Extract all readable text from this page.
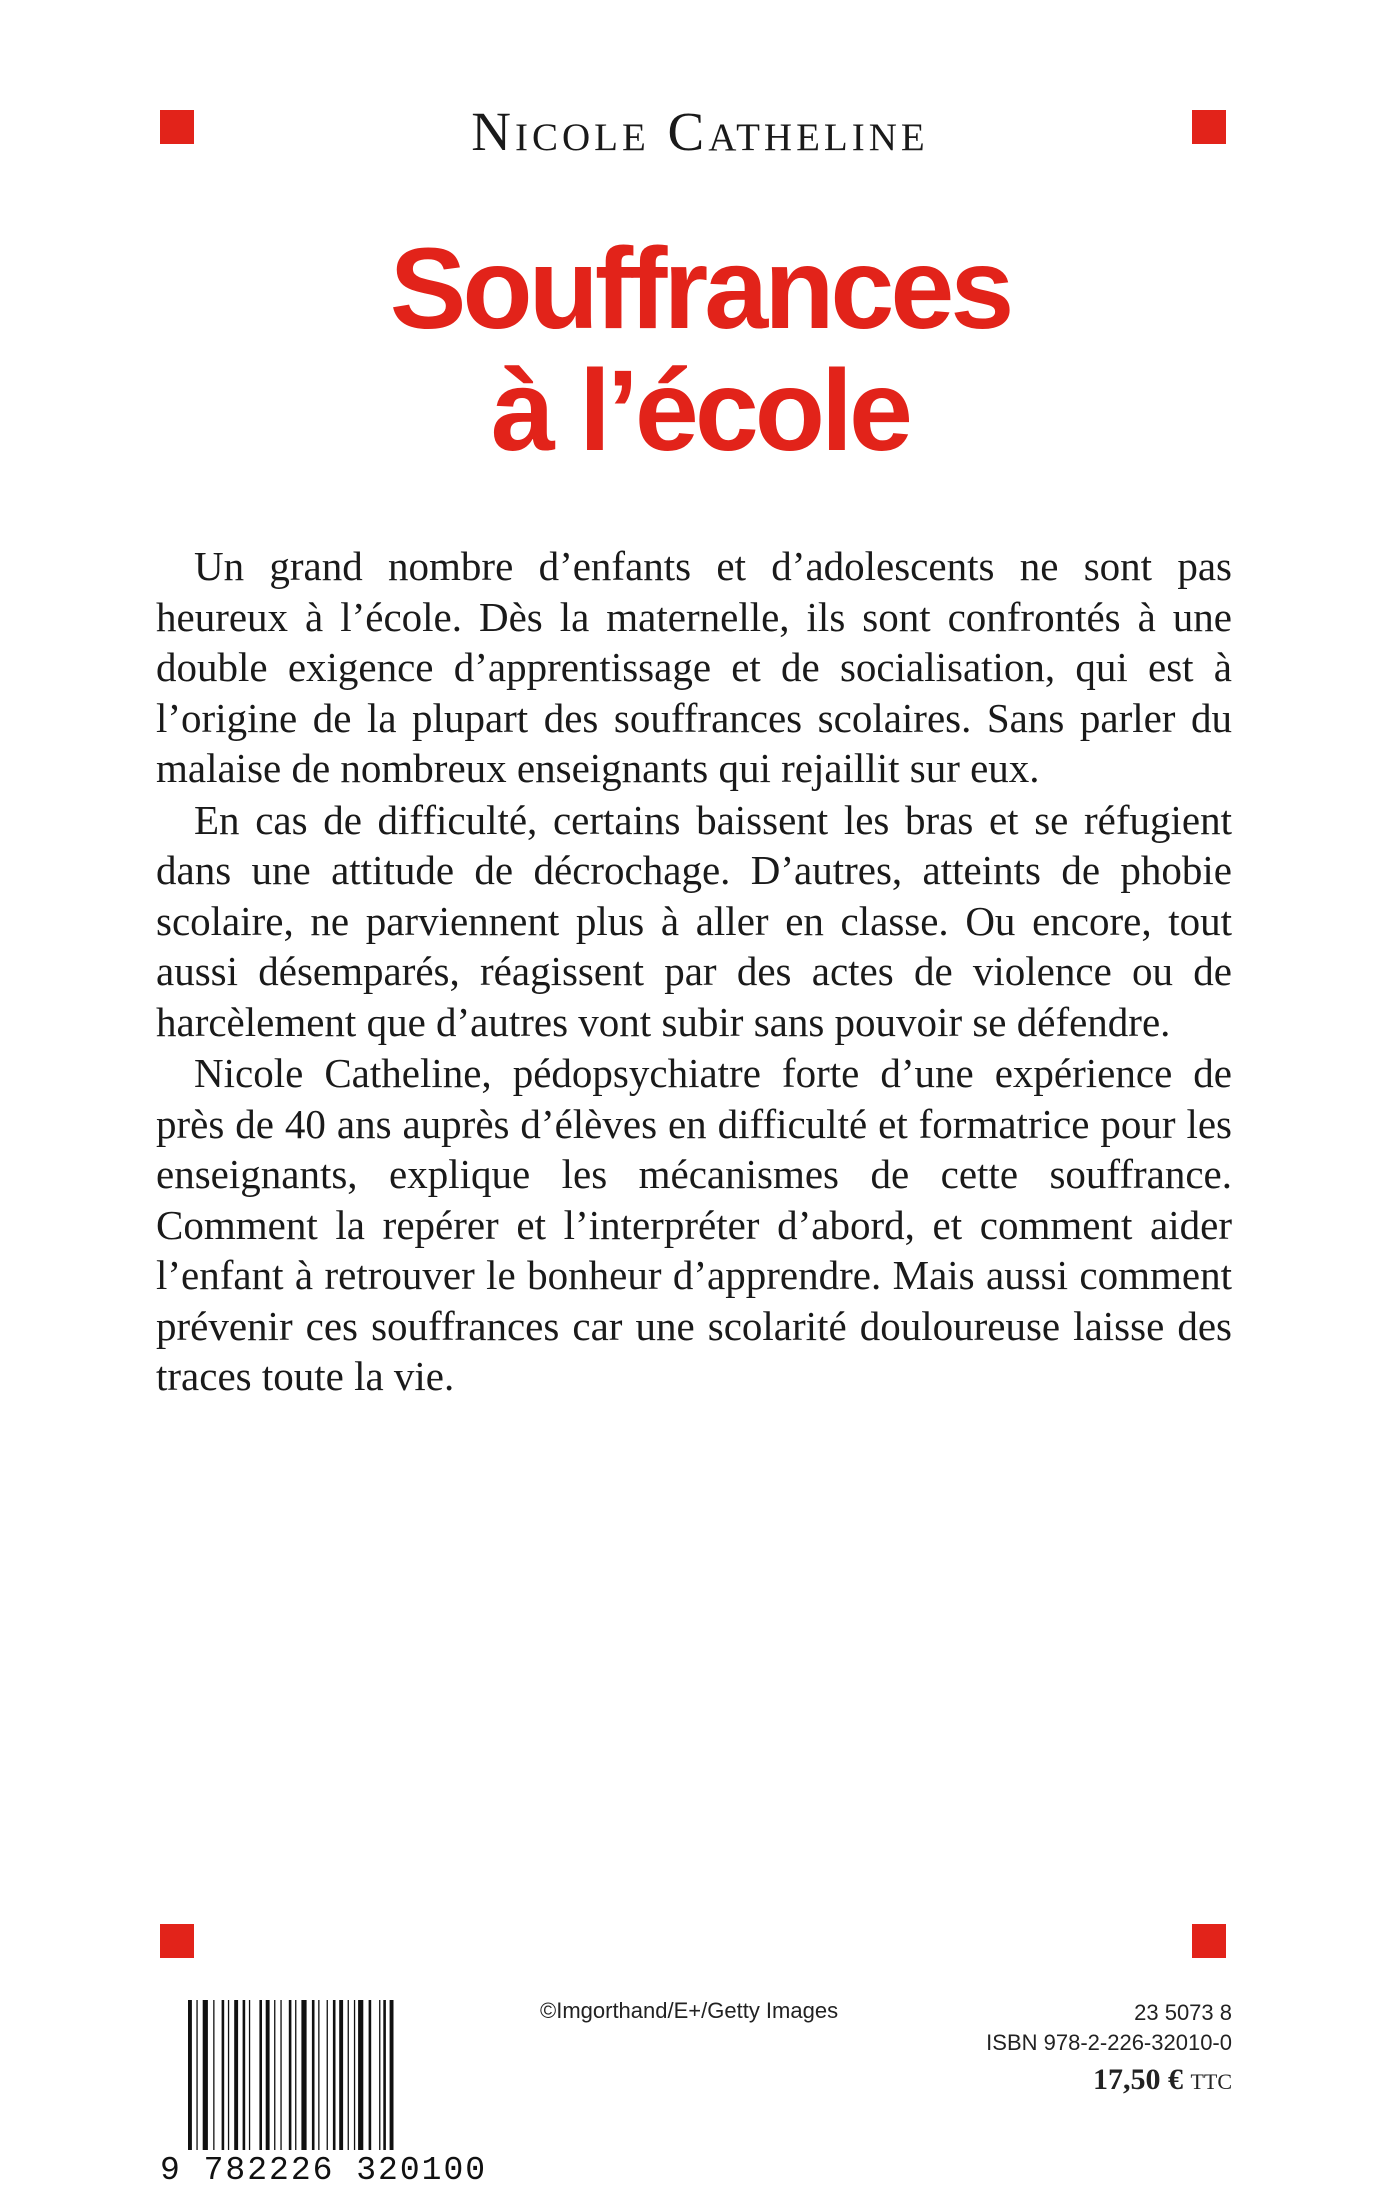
Nicole Catheline
Souffrances
à l’école

Un grand nombre d’enfants et d’adolescents ne sont pas heureux à l’école. Dès la maternelle, ils sont confrontés à une double exigence d’apprentissage et de socialisation, qui est à l’origine de la plupart des souffrances scolaires. Sans parler du malaise de nombreux enseignants qui rejaillit sur eux.

En cas de difficulté, certains baissent les bras et se réfugient dans une attitude de décrochage. D’autres, atteints de phobie scolaire, ne parviennent plus à aller en classe. Ou encore, tout aussi désemparés, réagissent par des actes de violence ou de harcèlement que d’autres vont subir sans pouvoir se défendre.

Nicole Catheline, pédopsychiatre forte d’une expérience de près de 40 ans auprès d’élèves en difficulté et formatrice pour les enseignants, explique les mécanismes de cette souffrance. Comment la repérer et l’interpréter d’abord, et comment aider l’enfant à retrouver le bonheur d’apprendre. Mais aussi comment prévenir ces souffrances car une scolarité douloureuse laisse des traces toute la vie.

9 782226 320100
©Imgorthand/E+/Getty Images	23 5073 8
ISBN 978-2-226-32010-0
17,50 € TTC
